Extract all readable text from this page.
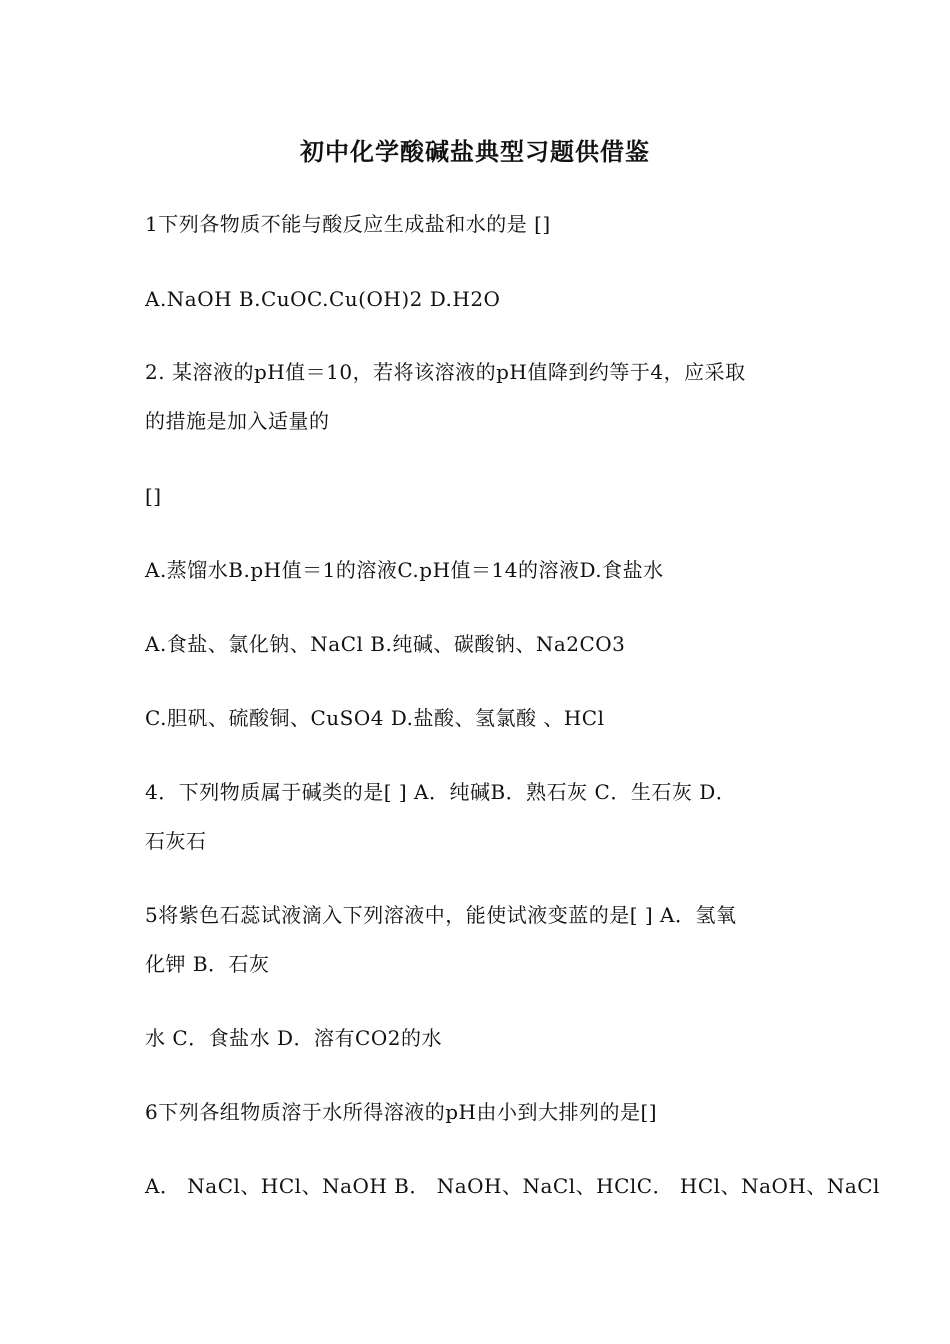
初中化学酸碱盐典型习题供借鉴
1下列各物质不能与酸反应生成盐和水的是 []
A.NaOH B.CuOC.Cu(OH)2 D.H2O
2. 某溶液的pH值＝10，若将该溶液的pH值降到约等于4，应采取
的措施是加入适量的
[]
A.蒸馏水B.pH值＝1的溶液C.pH值＝14的溶液D.食盐水
A.食盐、氯化钠、NaCl B.纯碱、碳酸钠、Na2CO3
C.胆矾、硫酸铜、CuSO4 D.盐酸、氢氯酸 、HCl
4．下列物质属于碱类的是[ ] A．纯碱B．熟石灰 C．生石灰 D．
石灰石
5将紫色石蕊试液滴入下列溶液中，能使试液变蓝的是[ ] A．氢氧
化钾 B．石灰
水 C．食盐水 D．溶有CO2的水
6下列各组物质溶于水所得溶液的pH由小到大排列的是[]
A． NaCl、HCl、NaOH B． NaOH、NaCl、HClC． HCl、NaOH、NaCl
